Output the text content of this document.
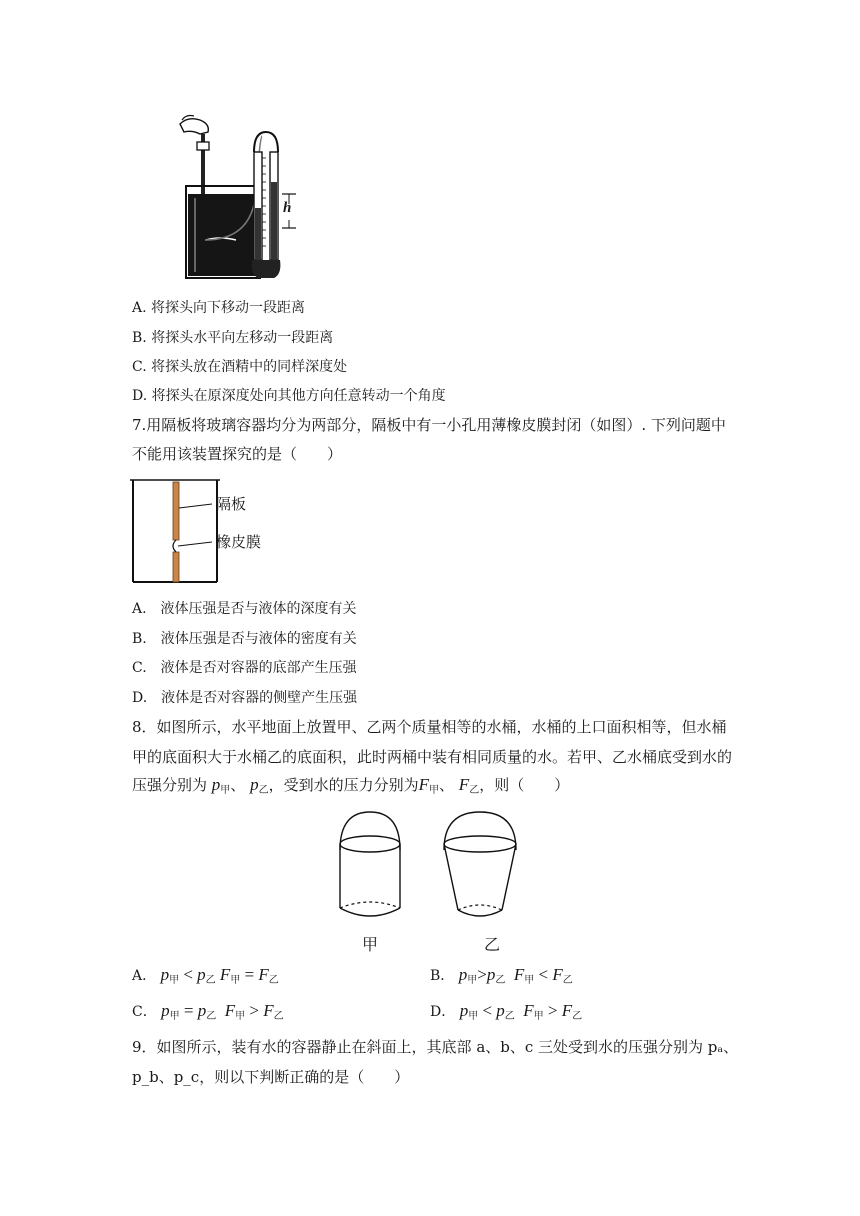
h
A. 将探头向下移动一段距离
B. 将探头水平向左移动一段距离
C. 将探头放在酒精中的同样深度处
D. 将探头在原深度处向其他方向任意转动一个角度
7.用隔板将玻璃容器均分为两部分，隔板中有一小孔用薄橡皮膜封闭（如图）. 下列问题中
不能用该装置探究的是（　　）
隔板
橡皮膜
A.　液体压强是否与液体的深度有关
B.　液体压强是否与液体的密度有关
C.　液体是否对容器的底部产生压强
D.　液体是否对容器的侧壁产生压强
8．如图所示，水平地面上放置甲、乙两个质量相等的水桶，水桶的上口面积相等，但水桶
甲的底面积大于水桶乙的底面积，此时两桶中装有相同质量的水。若甲、乙水桶底受到水的
压强分别为 $p_甲$、 $p_乙$，受到水的压力分别为$F_甲$、 $F_乙$，则（　　）
甲	乙
A． $p_甲 < p_乙$ $F_甲 = F_乙$	B． $p_甲>p_乙$ $F_甲 < F_乙$
C． $p_甲 = p_乙$ $F_甲 > F_乙$	D． $p_甲 < p_乙$ $F_甲 > F_乙$
9．如图所示，装有水的容器静止在斜面上，其底部 a、b、c 三处受到水的压强分别为 pₐ、
p_b、p_c，则以下判断正确的是（　　）
